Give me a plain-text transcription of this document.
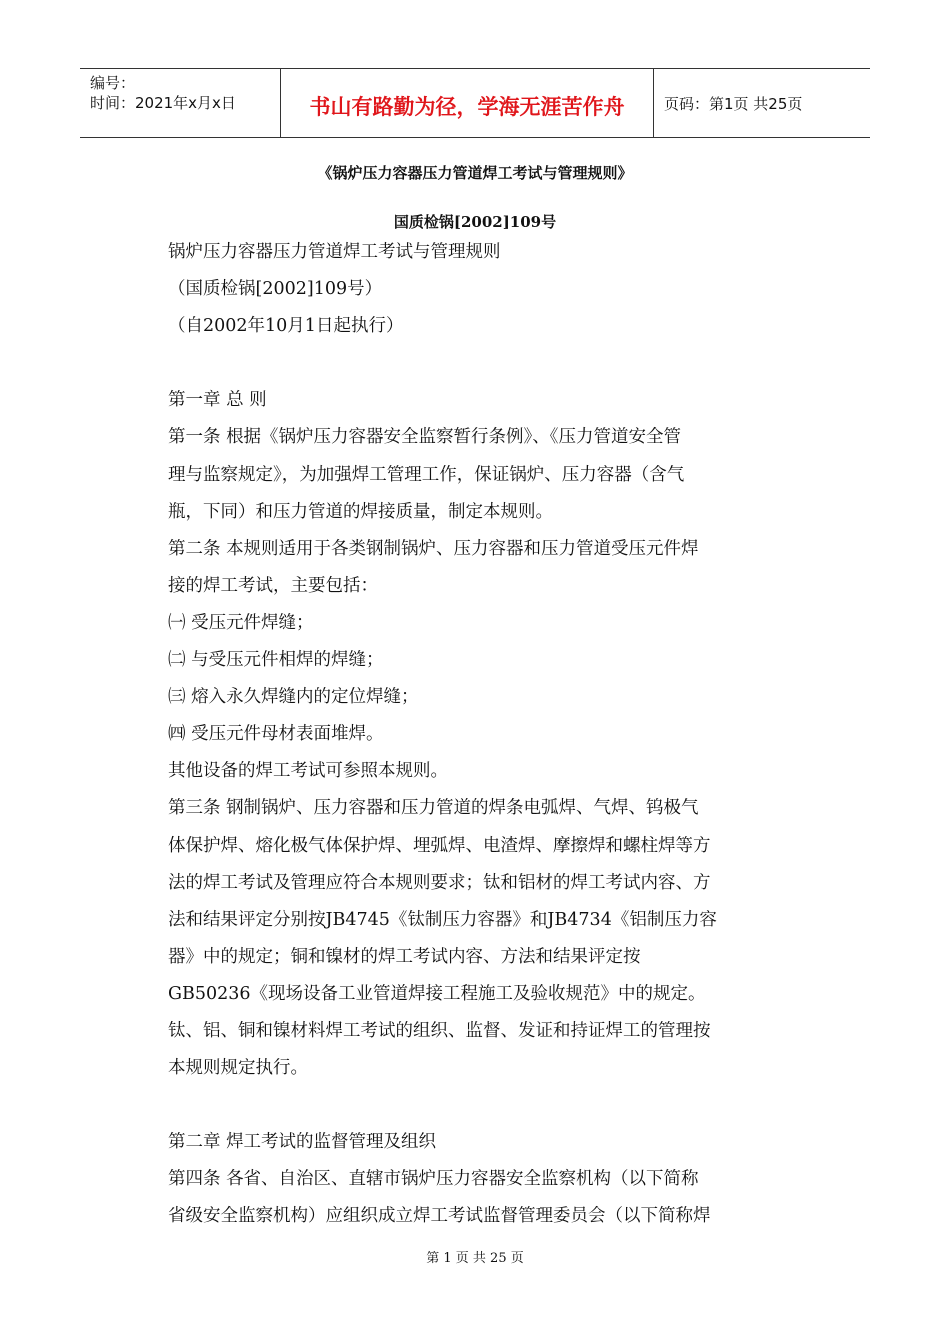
编号：
时间：2021年x月x日	书山有路勤为径，学海无涯苦作舟	页码：第1页 共25页
《锅炉压力容器压力管道焊工考试与管理规则》
国质检锅[2002]109号

锅炉压力容器压力管道焊工考试与管理规则

（国质检锅[2002]109号）

（自2002年10月1日起执行）

第一章 总 则

第一条 根据《锅炉压力容器安全监察暂行条例》、《压力管道安全管

理与监察规定》，为加强焊工管理工作，保证锅炉、压力容器（含气

瓶，下同）和压力管道的焊接质量，制定本规则。

第二条 本规则适用于各类钢制锅炉、压力容器和压力管道受压元件焊

接的焊工考试，主要包括：

㈠ 受压元件焊缝；

㈡ 与受压元件相焊的焊缝；

㈢ 熔入永久焊缝内的定位焊缝；

㈣ 受压元件母材表面堆焊。

其他设备的焊工考试可参照本规则。

第三条 钢制锅炉、压力容器和压力管道的焊条电弧焊、气焊、钨极气

体保护焊、熔化极气体保护焊、埋弧焊、电渣焊、摩擦焊和螺柱焊等方

法的焊工考试及管理应符合本规则要求；钛和铝材的焊工考试内容、方

法和结果评定分别按JB4745《钛制压力容器》和JB4734《铝制压力容

器》中的规定；铜和镍材的焊工考试内容、方法和结果评定按

GB50236《现场设备工业管道焊接工程施工及验收规范》中的规定。

钛、铝、铜和镍材料焊工考试的组织、监督、发证和持证焊工的管理按

本规则规定执行。

第二章 焊工考试的监督管理及组织

第四条 各省、自治区、直辖市锅炉压力容器安全监察机构（以下简称

省级安全监察机构）应组织成立焊工考试监督管理委员会（以下简称焊

第 1 页 共 25 页
